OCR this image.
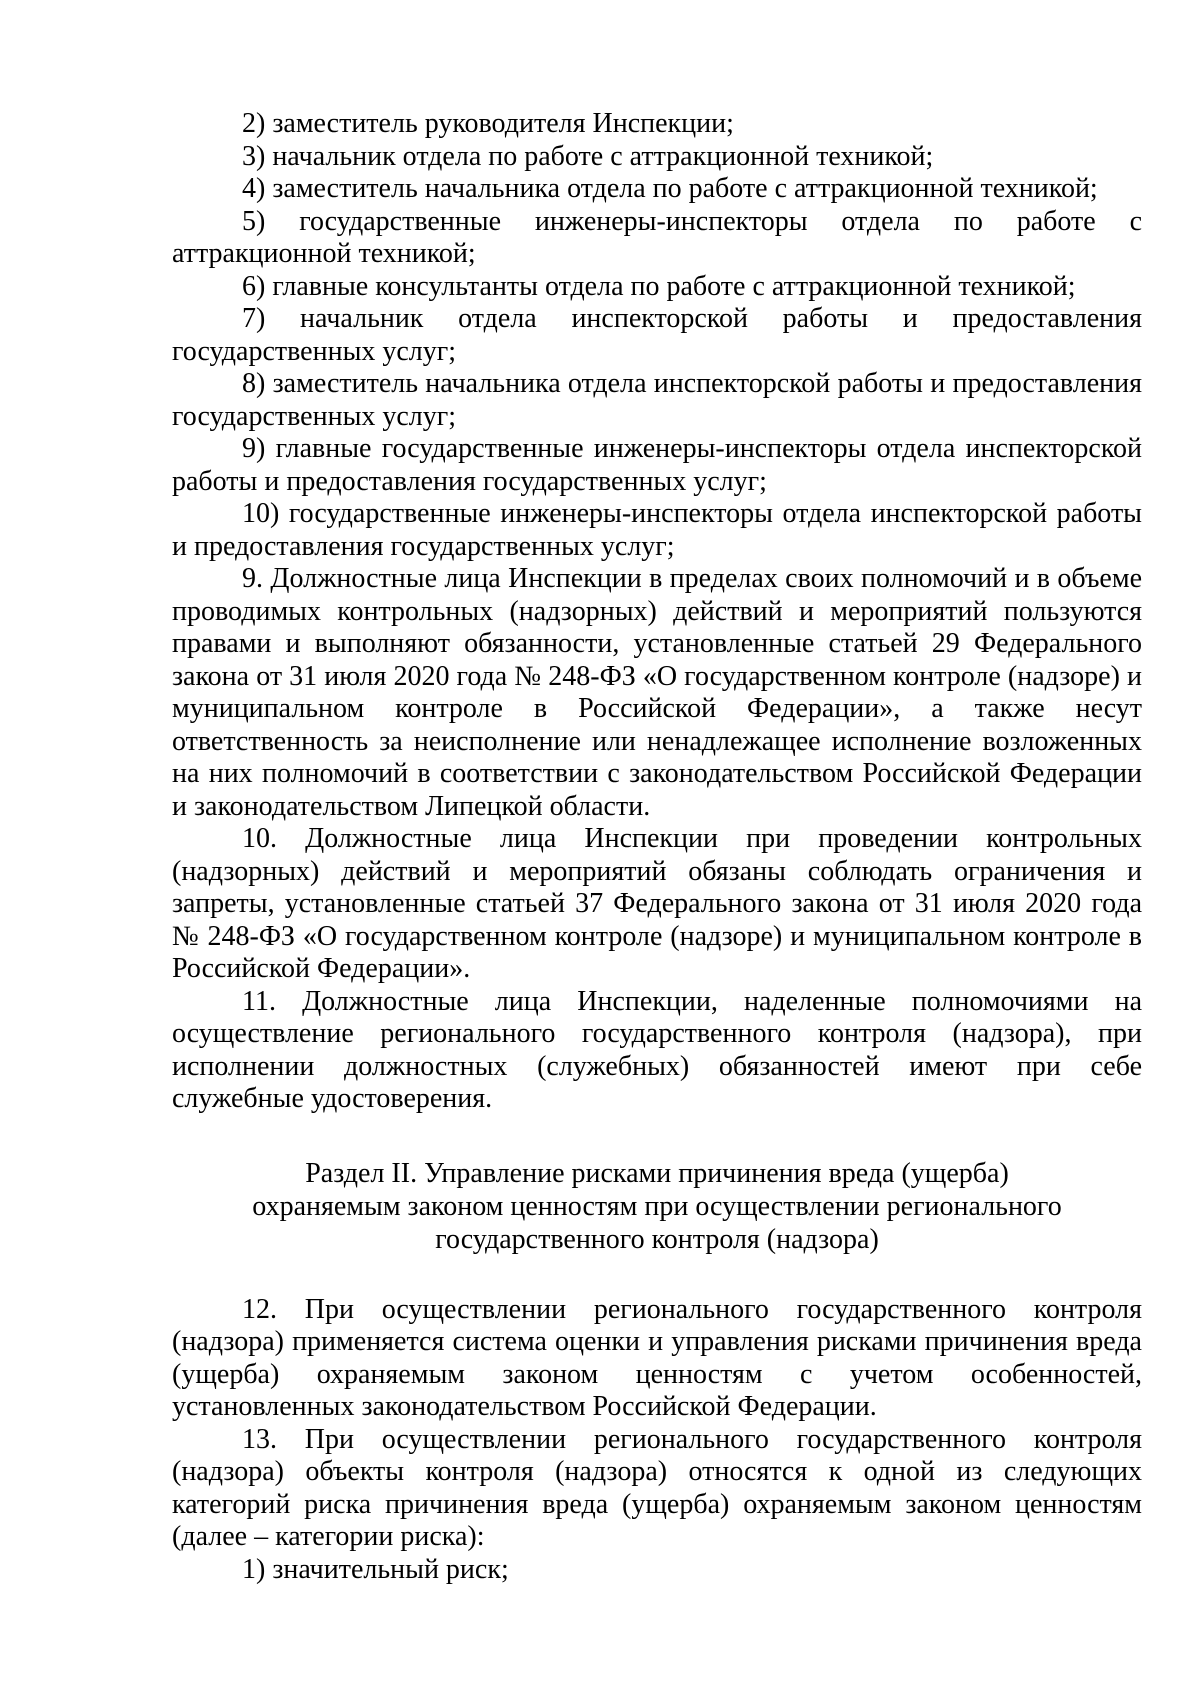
2) заместитель руководителя Инспекции;

3) начальник отдела по работе с аттракционной техникой;

4) заместитель начальника отдела по работе с аттракционной техникой;

5) государственные инженеры-инспекторы отдела по работе с аттракционной техникой;

6) главные консультанты отдела по работе с аттракционной техникой;

7) начальник отдела инспекторской работы и предоставления государственных услуг;

8) заместитель начальника отдела инспекторской работы и предоставления государственных услуг;

9) главные государственные инженеры-инспекторы отдела инспекторской работы и предоставления государственных услуг;

10) государственные инженеры-инспекторы отдела инспекторской работы и предоставления государственных услуг;

9. Должностные лица Инспекции в пределах своих полномочий и в объеме проводимых контрольных (надзорных) действий и мероприятий пользуются правами и выполняют обязанности, установленные статьей 29 Федерального закона от 31 июля 2020 года № 248-ФЗ «О государственном контроле (надзоре) и муниципальном контроле в Российской Федерации», а также несут ответственность за неисполнение или ненадлежащее исполнение возложенных на них полномочий в соответствии с законодательством Российской Федерации и законодательством Липецкой области.

10. Должностные лица Инспекции при проведении контрольных (надзорных) действий и мероприятий обязаны соблюдать ограничения и запреты, установленные статьей 37 Федерального закона от 31 июля 2020 года № 248-ФЗ «О государственном контроле (надзоре) и муниципальном контроле в Российской Федерации».

11. Должностные лица Инспекции, наделенные полномочиями на осуществление регионального государственного контроля (надзора), при исполнении должностных (служебных) обязанностей имеют при себе служебные удостоверения.

Раздел II. Управление рисками причинения вреда (ущерба)
охраняемым законом ценностям при осуществлении регионального
государственного контроля (надзора)

12. При осуществлении регионального государственного контроля (надзора) применяется система оценки и управления рисками причинения вреда (ущерба) охраняемым законом ценностям с учетом особенностей, установленных законодательством Российской Федерации.

13. При осуществлении регионального государственного контроля (надзора) объекты контроля (надзора) относятся к одной из следующих категорий риска причинения вреда (ущерба) охраняемым законом ценностям (далее – категории риска):

1) значительный риск;
